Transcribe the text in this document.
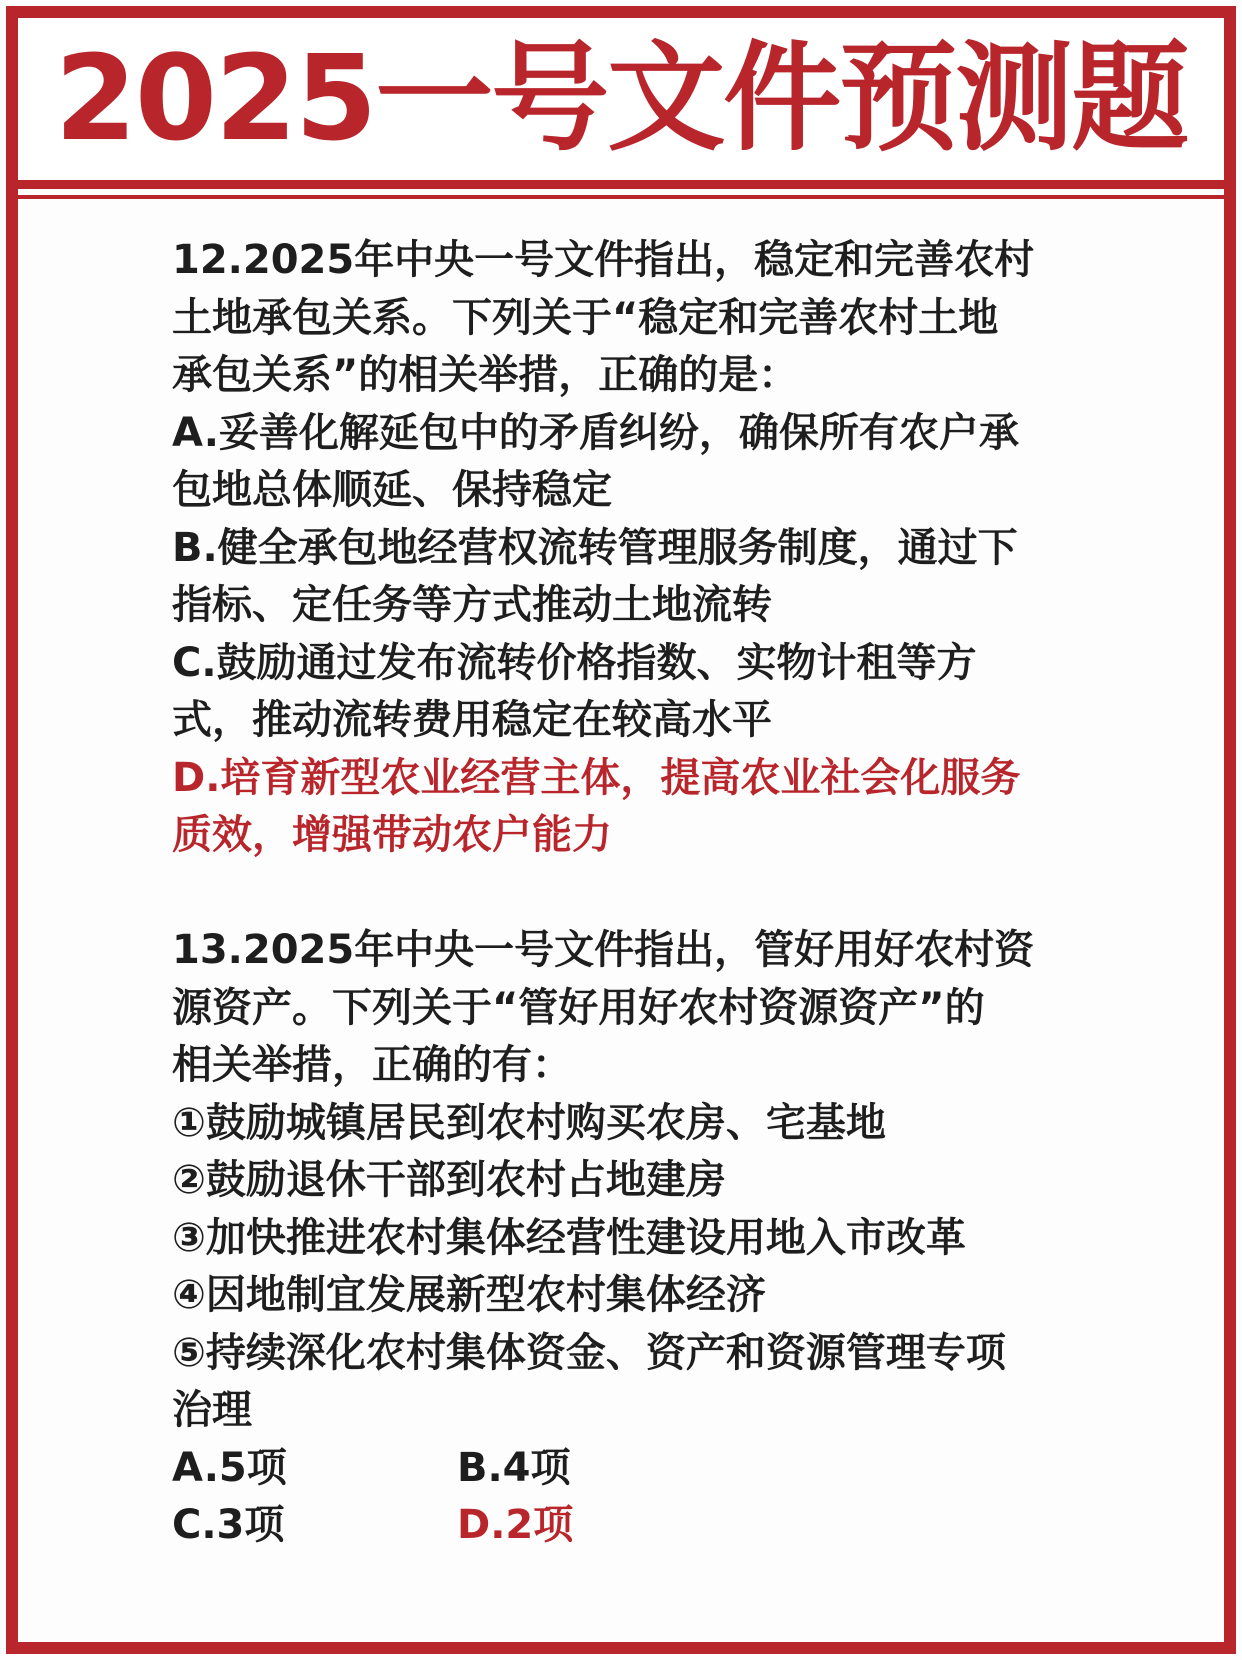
2025一号文件预测题
12.2025年中央一号文件指出，稳定和完善农村
土地承包关系。下列关于“稳定和完善农村土地
承包关系”的相关举措，正确的是：
A.妥善化解延包中的矛盾纠纷，确保所有农户承
包地总体顺延、保持稳定
B.健全承包地经营权流转管理服务制度，通过下
指标、定任务等方式推动土地流转
C.鼓励通过发布流转价格指数、实物计租等方
式，推动流转费用稳定在较高水平
D.培育新型农业经营主体，提高农业社会化服务
质效，增强带动农户能力
13.2025年中央一号文件指出，管好用好农村资
源资产。下列关于“管好用好农村资源资产”的
相关举措，正确的有：
①鼓励城镇居民到农村购买农房、宅基地
②鼓励退休干部到农村占地建房
③加快推进农村集体经营性建设用地入市改革
④因地制宜发展新型农村集体经济
⑤持续深化农村集体资金、资产和资源管理专项
治理
A.5项	B.4项
C.3项	D.2项
